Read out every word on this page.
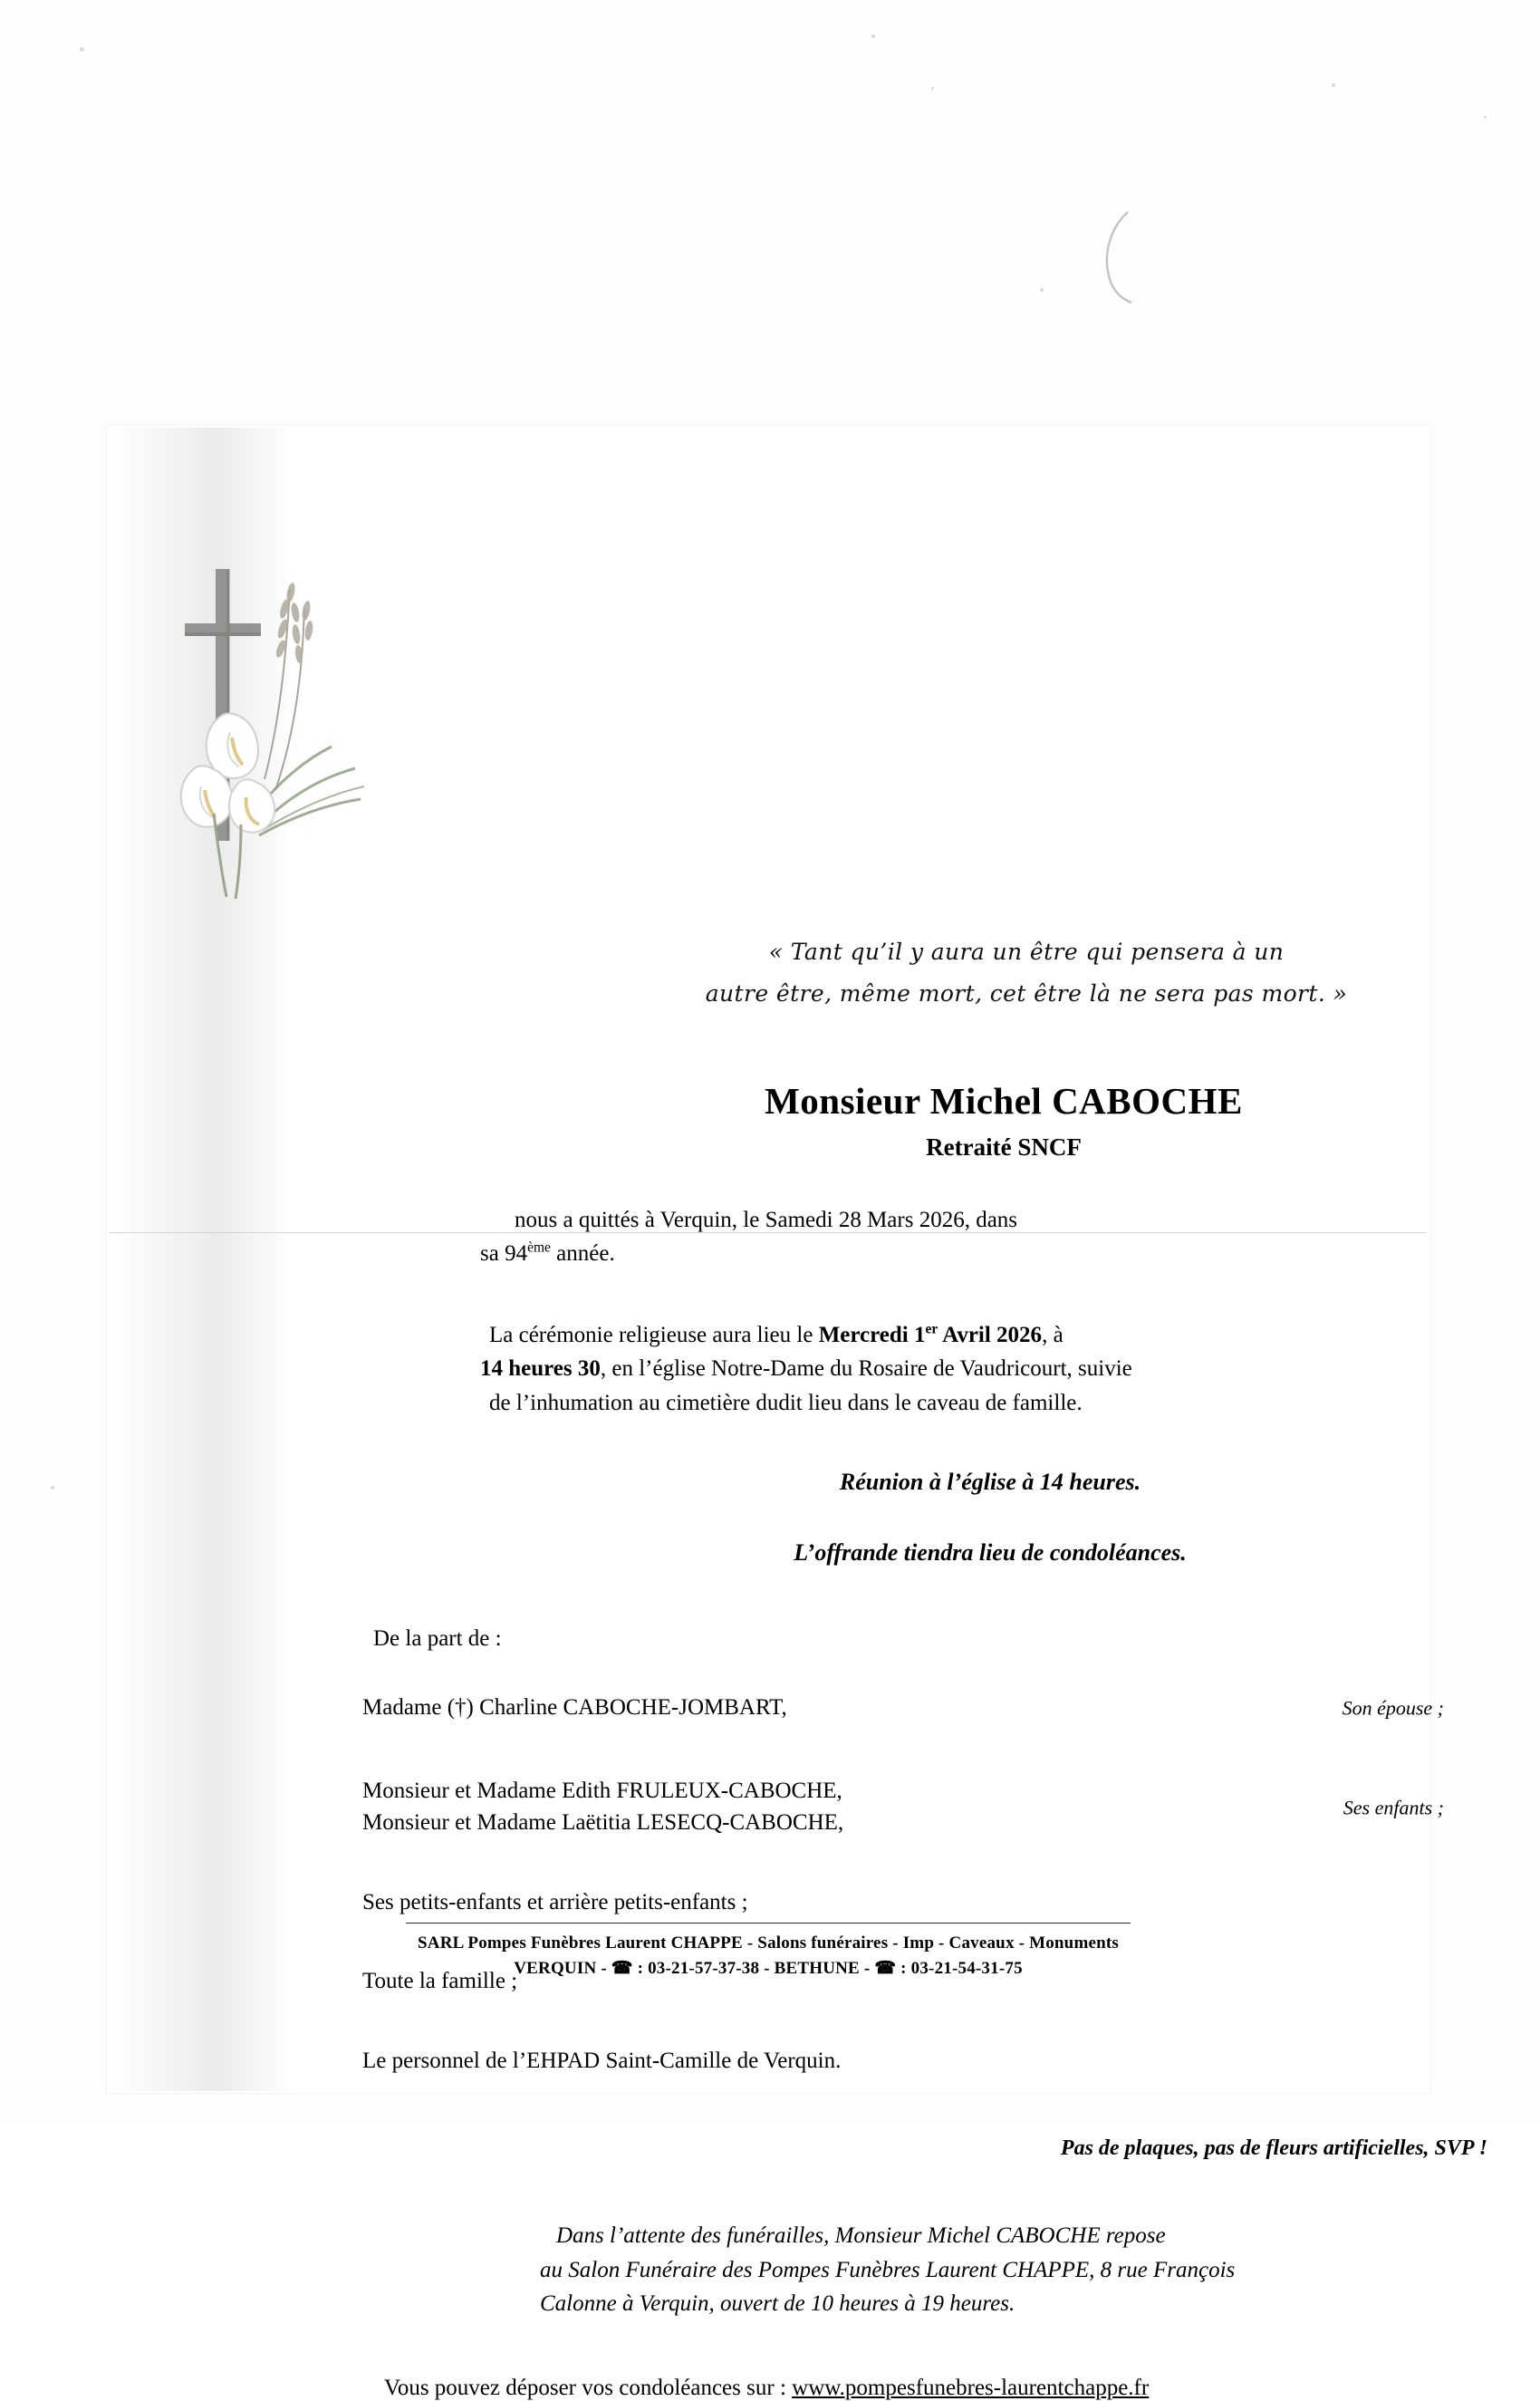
« Tant qu’il y aura un être qui pensera à un
autre être, même mort, cet être là ne sera pas mort. »
Monsieur Michel CABOCHE
Retraité SNCF
nous a quittés à Verquin, le Samedi 28 Mars 2026, dans
sa 94ème année.
La cérémonie religieuse aura lieu le Mercredi 1er Avril 2026, à
14 heures 30, en l’église Notre-Dame du Rosaire de Vaudricourt, suivie
de l’inhumation au cimetière dudit lieu dans le caveau de famille.
Réunion à l’église à 14 heures.
L’offrande tiendra lieu de condoléances.
De la part de :
Madame (†) Charline CABOCHE-JOMBART,	Son épouse ;
Monsieur et Madame Edith FRULEUX-CABOCHE,
Monsieur et Madame Laëtitia LESECQ-CABOCHE,
Ses enfants ;
Ses petits-enfants et arrière petits-enfants ;
Toute la famille ;
Le personnel de l’EHPAD Saint-Camille de Verquin.
Pas de plaques, pas de fleurs artificielles, SVP !
Dans l’attente des funérailles, Monsieur Michel CABOCHE repose
au Salon Funéraire des Pompes Funèbres Laurent CHAPPE, 8 rue François
Calonne à Verquin, ouvert de 10 heures à 19 heures.
Vous pouvez déposer vos condoléances sur : www.pompesfunebres-laurentchappe.fr
SARL Pompes Funèbres Laurent CHAPPE - Salons funéraires - Imp - Caveaux - Monuments
VERQUIN - ☎ : 03-21-57-37-38 - BETHUNE - ☎ : 03-21-54-31-75
